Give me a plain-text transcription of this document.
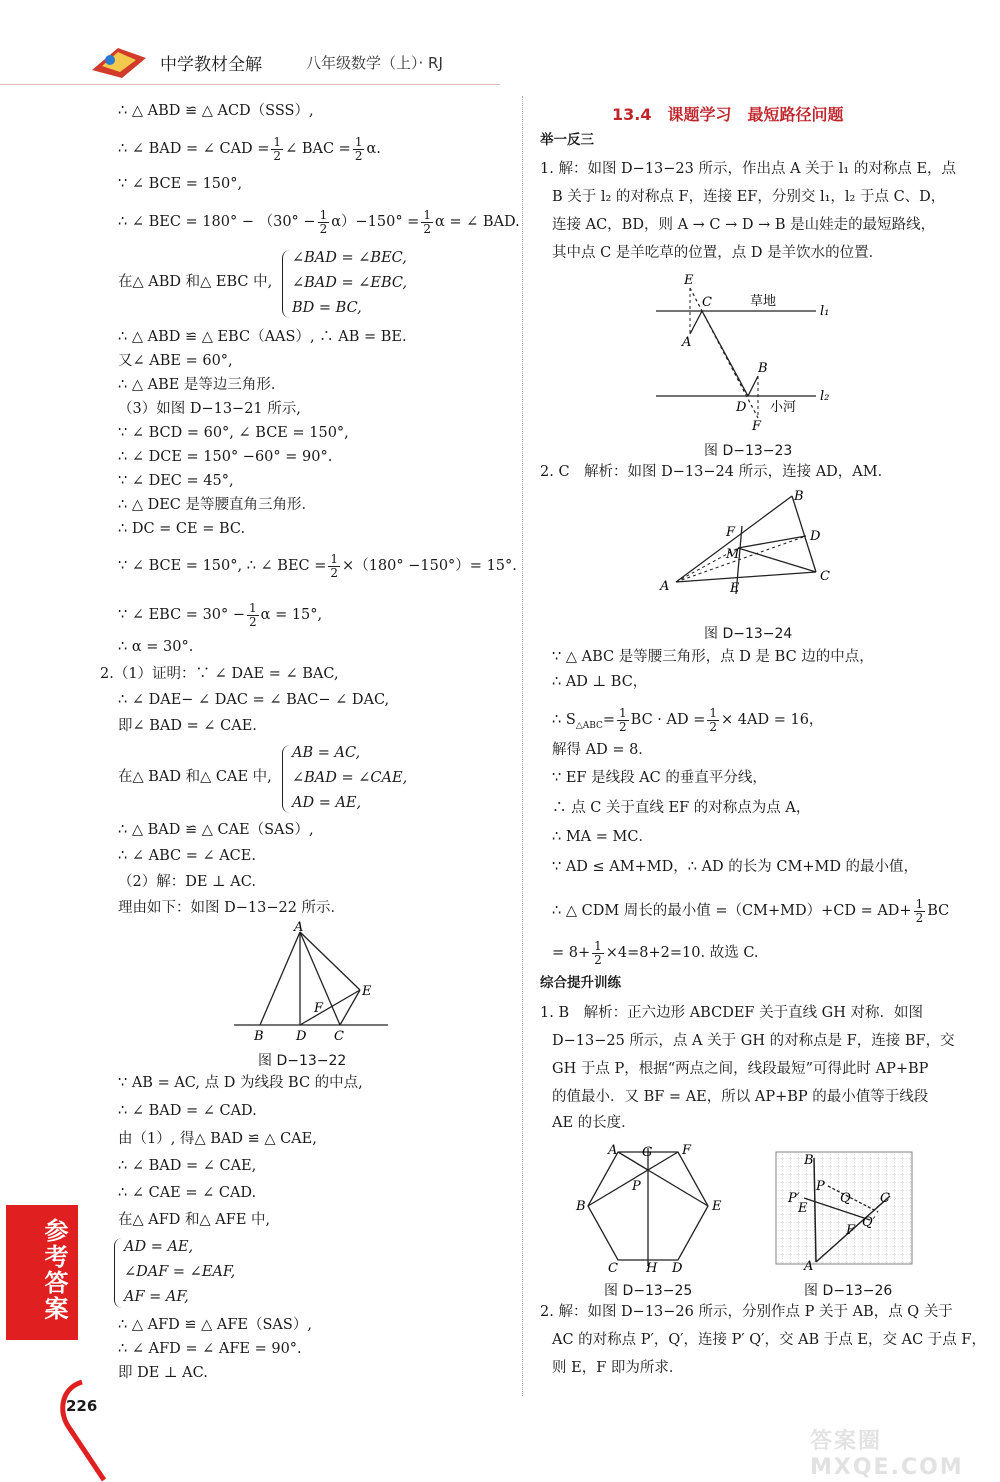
中学教材全解	八年级数学（上）· RJ
∴ △ ABD ≌ △ ACD（SSS）,
∴ ∠ BAD = ∠ CAD = $\frac{1}{2}$ ∠ BAC = $\frac{1}{2} \alpha$.
∵ ∠ BCE = 150°,
∴ ∠ BEC = $180^\circ - (30^\circ - \frac{1}{2} \alpha)-150^\circ = \frac{1}{2}$ α = ∠ BAD.
在△ ABD 和△ EBC 中,
∠BAD = ∠BEC,
∠BAD = ∠EBC,
BD = BC,
∴ △ ABD ≌ △ EBC（AAS）, ∴ AB = BE.
又∠ ABE = 60°,
∴ △ ABE 是等边三角形．
（3）如图 D−13−21 所示,
∵ ∠ BCD = 60°, ∠ BCE = 150°,
∴ ∠ DCE = 150° −60° = 90°.
∵ ∠ DEC = 45°,
∴ △ DEC 是等腰直角三角形．
∴ DC = CE = BC.
∵ ∠ BCE = 150°, ∴ ∠ BEC = $\frac{1}{2} \times(180^\circ -150^\circ)= 15^\circ$.
∵ ∠ EBC = $30^\circ - \frac{1}{2}$ α = 15°,
∴ α = 30°.
2.（1）证明：∵ ∠ DAE = ∠ BAC,
∴ ∠ DAE− ∠ DAC = ∠ BAC− ∠ DAC,
即∠ BAD = ∠ CAE.
在△ BAD 和△ CAE 中,
AB = AC,
∠BAD = ∠CAE,
AD = AE,
∴ △ BAD ≌ △ CAE（SAS）,
∴ ∠ ABC = ∠ ACE.
（2）解：DE ⊥ AC.
理由如下：如图 D−13−22 所示．
A
B D C
E
F
图 D−13−22
∵ AB = AC, 点 D 为线段 BC 的中点,
∴ ∠ BAD = ∠ CAD.
由（1）, 得△ BAD ≌ △ CAE,
∴ ∠ BAD = ∠ CAE,
∴ ∠ CAE = ∠ CAD.
在△ AFD 和△ AFE 中,
AD = AE,
∠DAF = ∠EAF,
AF = AF,
∴ △ AFD ≌ △ AFE（SAS）,
∴ ∠ AFD = ∠ AFE = 90°.
即 DE ⊥ AC.
参考答案
226
13.4　课题学习　最短路径问题
举一反三
1. 解：如图 D−13−23 所示，作出点 A 关于 l₁ 的对称点 E，点
B 关于 l₂ 的对称点 F，连接 EF，分别交 l₁，l₂ 于点 C、D，
连接 AC，BD，则 A → C → D → B 是山娃走的最短路线，
其中点 C 是羊吃草的位置，点 D 是羊饮水的位置．
E
C
A
B
D
F
l₁
l₂
草地
小河
图 D−13−23
2. C　解析：如图 D−13−24 所示，连接 AD，AM．
A
B
C
D
F
M
E
图 D−13−24
∵ △ ABC 是等腰三角形，点 D 是 BC 边的中点，
∴ AD ⊥ BC，
∴ $S_{\triangle ABC}= \frac{1}{2}$ BC · AD = $\frac{1}{2} \times 4AD = 16$，
解得 AD = 8．
∵ EF 是线段 AC 的垂直平分线，
∴ 点 C 关于直线 EF 的对称点为点 A，
∴ MA = MC．
∵ AD ≤ AM+MD，∴ AD 的长为 CM+MD 的最小值，
∴ △ CDM 周长的最小值 $=(CM+MD)+CD = AD+ \frac{1}{2}$ BC
= $8+ \frac{1}{2} \times 4=8+2=10$. 故选 C.
综合提升训练
1. B　解析：正六边形 ABCDEF 关于直线 GH 对称．如图
D−13−25 所示，点 A 关于 GH 的对称点是 F，连接 BF，交
GH 于点 P，根据“两点之间，线段最短”可得此时 AP+BP
的值最小．又 BF = AE，所以 AP+BP 的最小值等于线段
AE 的长度．
A G F
B	E
P
C H D
图 D−13−25
B
P
P′
E
Q C
Q′
F
A
图 D−13−26
2. 解：如图 D−13−26 所示，分别作点 P 关于 AB，点 Q 关于
AC 的对称点 P′，Q′，连接 P′ Q′，交 AB 于点 E，交 AC 于点 F，
则 E，F 即为所求．
答案圈 MXQE.COM
